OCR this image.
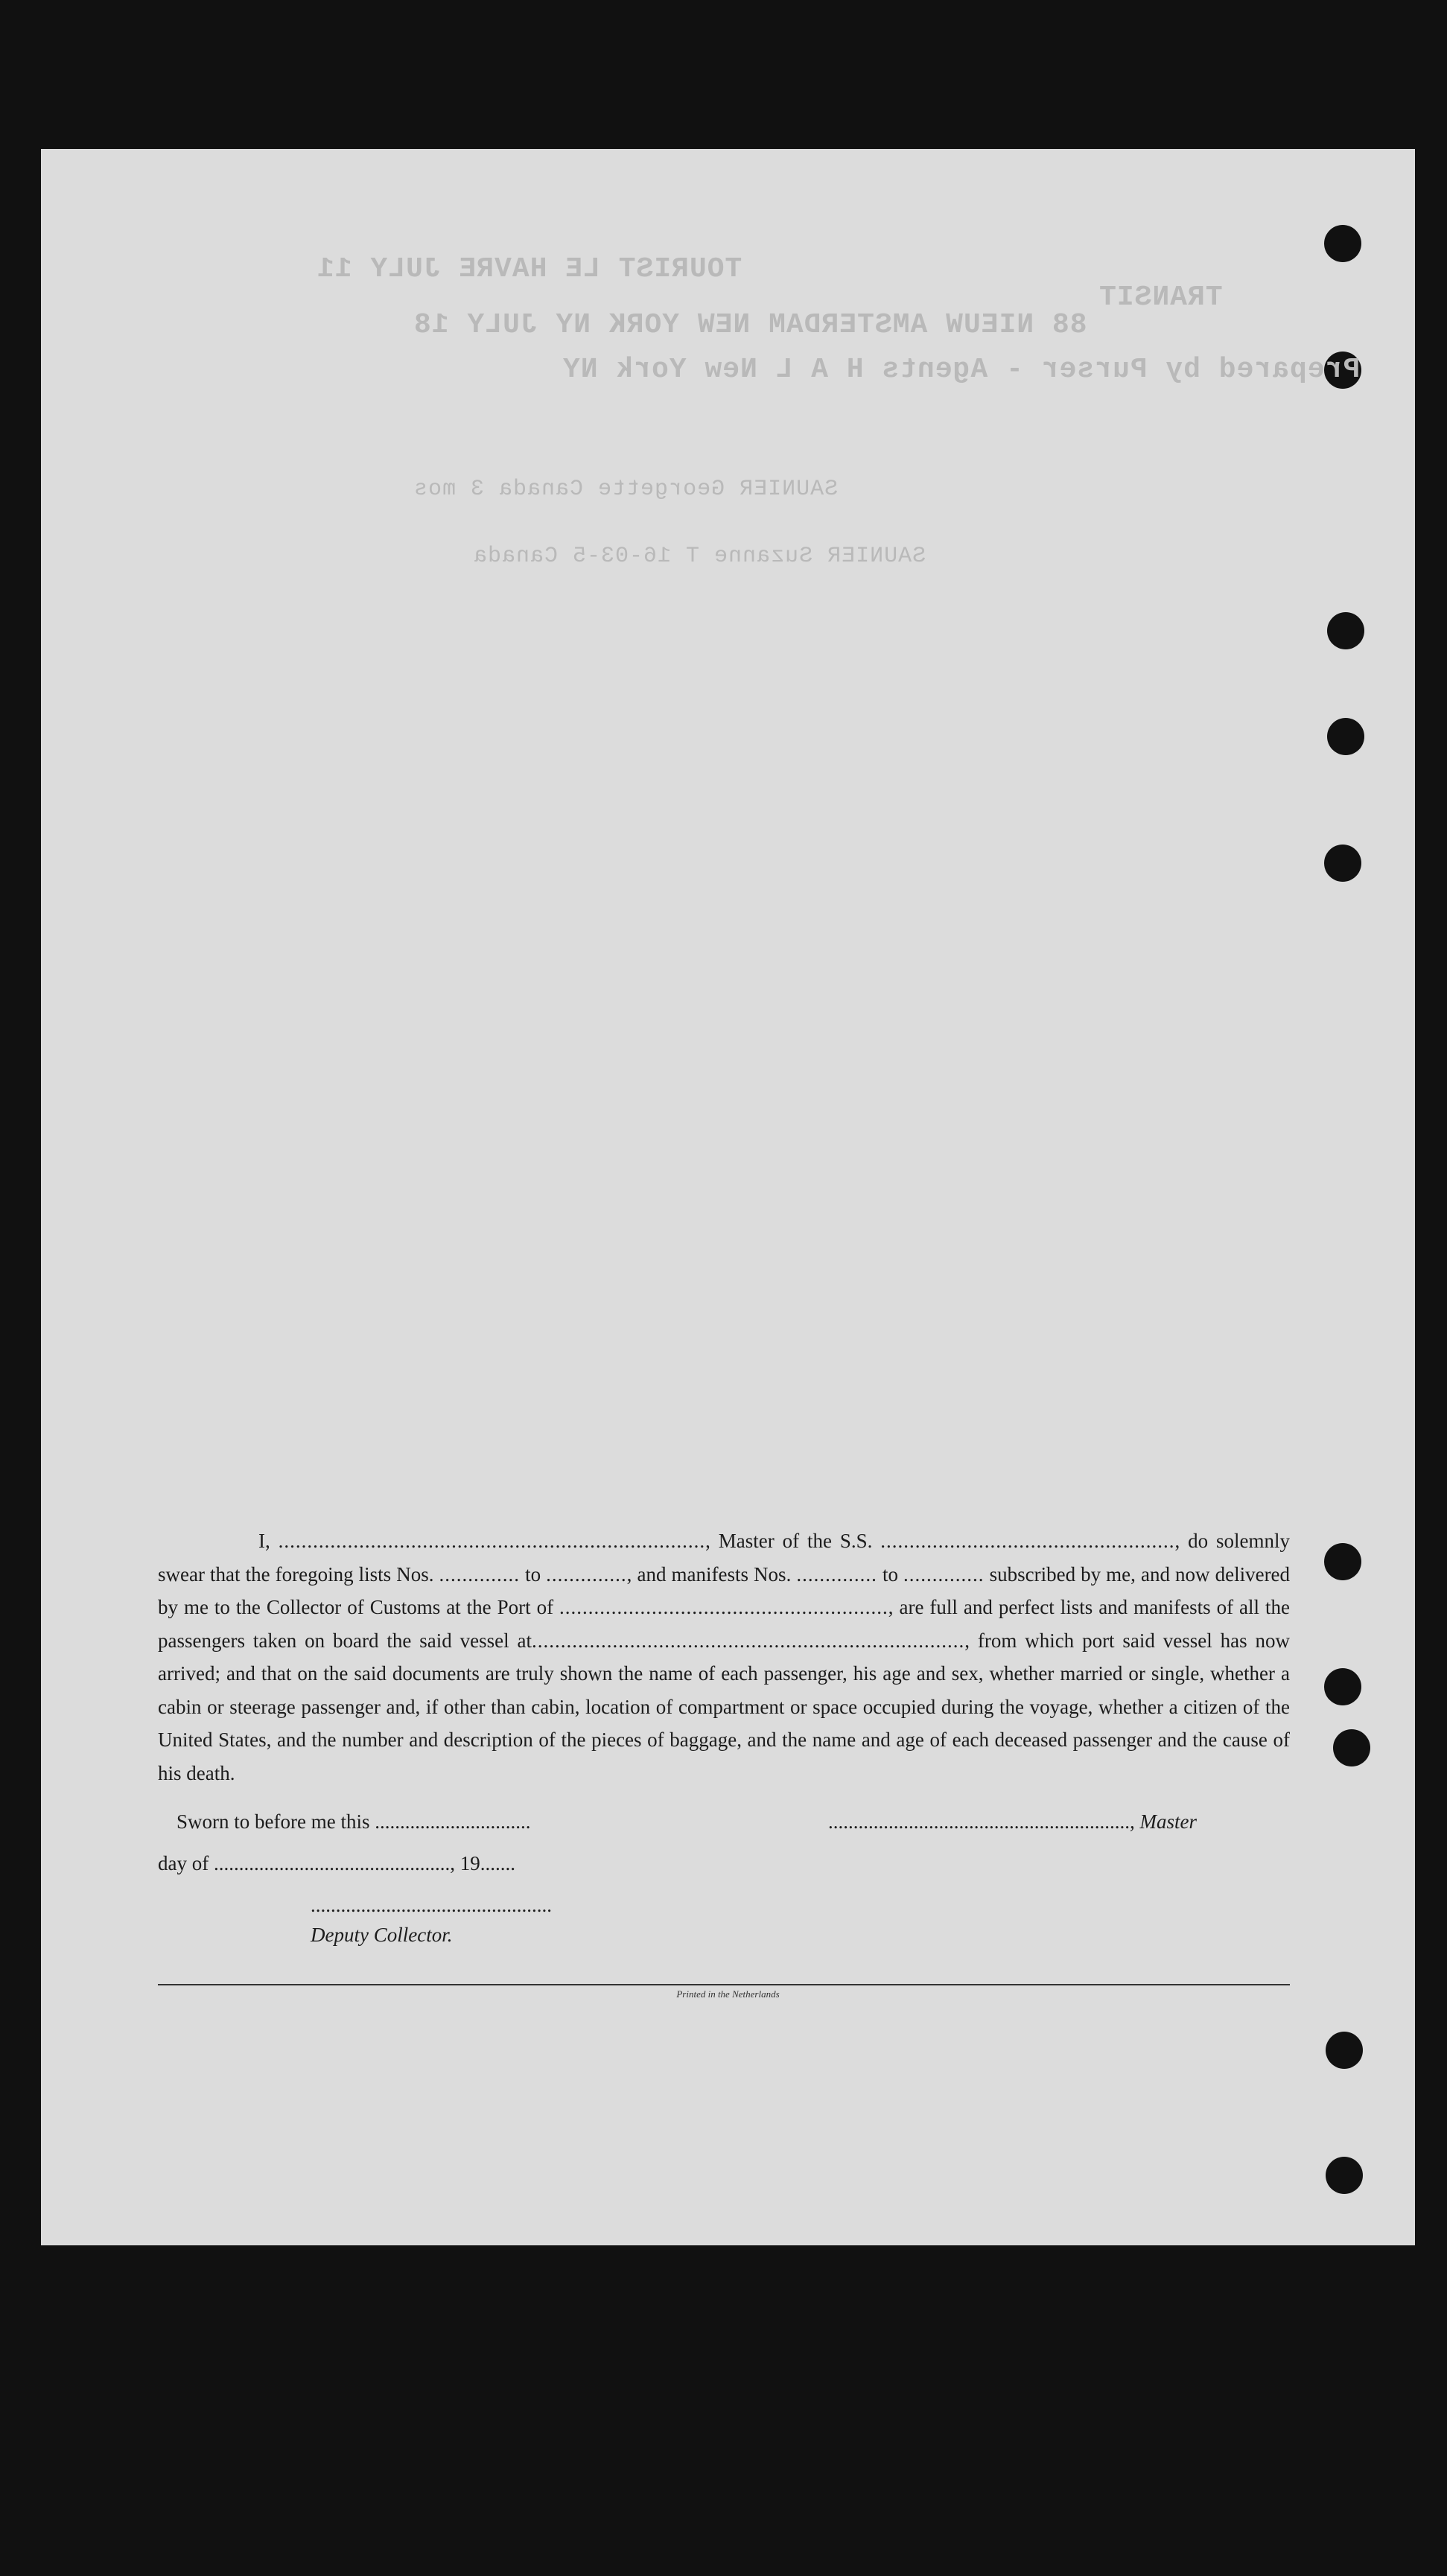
TOURIST LE HAVRE JULY 11
TRANSIT
88 NIEUW AMSTERDAM NEW YORK NY JULY 18
Prepared by Purser - Agents H A L New York NY
SAUNIER Georgette Canada 3 mos
SAUNIER Suzanne T 16-03-5 Canada
I, .........................................................................., Master of the S.S. ..................................................., do solemnly swear that the foregoing lists Nos. .............. to .............., and manifests Nos. .............. to .............. subscribed by me, and now delivered by me to the Collector of Customs at the Port of ........................................................., are full and perfect lists and manifests of all the passengers taken on board the said vessel at..........................................................................., from which port said vessel has now arrived; and that on the said documents are truly shown the name of each passenger, his age and sex, whether married or single, whether a cabin or steerage passenger and, if other than cabin, location of compartment or space occupied during the voyage, whether a citizen of the United States, and the number and description of the pieces of baggage, and the name and age of each deceased passenger and the cause of his death.
Sworn to before me this ...............................	............................................................, Master
day of ..............................................., 19.......
................................................
Deputy Collector.
Printed in the Netherlands
